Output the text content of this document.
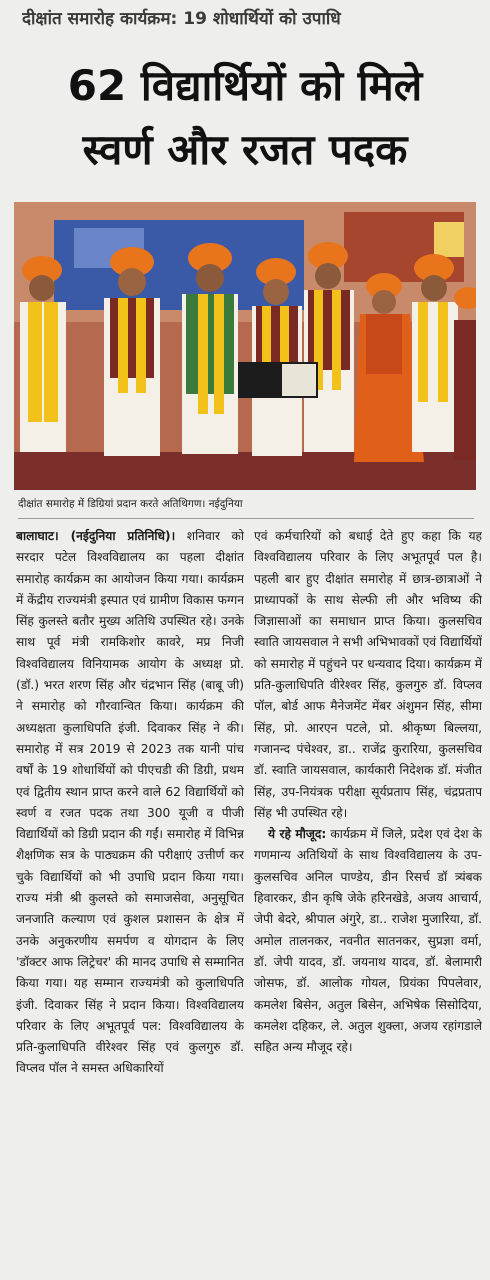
दीक्षांत समारोह कार्यक्रम: 19 शोधार्थियों को उपाधि
62 विद्यार्थियों को मिले
स्वर्ण और रजत पदक
दीक्षांत समारोह में डिग्रियां प्रदान करते अतिथिगण। नईदुनिया

बालाघाट। (नईदुनिया प्रतिनिधि)। शनिवार को सरदार पटेल विश्वविद्यालय का पहला दीक्षांत समारोह कार्यक्रम का आयोजन किया गया। कार्यक्रम में केंद्रीय राज्यमंत्री इस्पात एवं ग्रामीण विकास फग्गन सिंह कुलस्ते बतौर मुख्य अतिथि उपस्थित रहे। उनके साथ पूर्व मंत्री रामकिशोर कावरे, मप्र निजी विश्वविद्यालय विनियामक आयोग के अध्यक्ष प्रो. (डॉ.) भरत शरण सिंह और चंद्रभान सिंह (बाबू जी) ने समारोह को गौरवान्वित किया। कार्यक्रम की अध्यक्षता कुलाधिपति इंजी. दिवाकर सिंह ने की। समारोह में सत्र 2019 से 2023 तक यानी पांच वर्षों के 19 शोधार्थियों को पीएचडी की डिग्री, प्रथम एवं द्वितीय स्थान प्राप्त करने वाले 62 विद्यार्थियों को स्वर्ण व रजत पदक तथा 300 यूजी व पीजी विद्यार्थियों को डिग्री प्रदान की गईं। समारोह में विभिन्न शैक्षणिक सत्र के पाठ्यक्रम की परीक्षाएं उत्तीर्ण कर चुके विद्यार्थियों को भी उपाधि प्रदान किया गया। राज्य मंत्री श्री कुलस्ते को समाजसेवा, अनुसूचित जनजाति कल्याण एवं कुशल प्रशासन के क्षेत्र में उनके अनुकरणीय समर्पण व योगदान के लिए 'डॉक्टर आफ लिट्रेचर' की मानद उपाधि से सम्मानित किया गया। यह सम्मान राज्यमंत्री को कुलाधिपति इंजी. दिवाकर सिंह ने प्रदान किया। विश्वविद्यालय परिवार के लिए अभूतपूर्व पल: विश्वविद्यालय के प्रति-कुलाधिपति वीरेश्वर सिंह एवं कुलगुरु डॉ. विप्लव पॉल ने समस्त अधिकारियों

एवं कर्मचारियों को बधाई देते हुए कहा कि यह विश्वविद्यालय परिवार के लिए अभूतपूर्व पल है। पहली बार हुए दीक्षांत समारोह में छात्र-छात्राओं ने प्राध्यापकों के साथ सेल्फी ली और भविष्य की जिज्ञासाओं का समाधान प्राप्त किया। कुलसचिव स्वाति जायसवाल ने सभी अभिभावकों एवं विद्यार्थियों को समारोह में पहुंचने पर धन्यवाद दिया। कार्यक्रम में प्रति-कुलाधिपति वीरेश्वर सिंह, कुलगुरु डॉ. विप्लव पॉल, बोर्ड आफ मैनेजमेंट मेंबर अंशुमन सिंह, सीमा सिंह, प्रो. आरएन पटले, प्रो. श्रीकृष्ण बिल्लया, गजानन्द पंचेश्वर, डा.. राजेंद्र कुरारिया, कुलसचिव डॉ. स्वाति जायसवाल, कार्यकारी निदेशक डॉ. मंजीत सिंह, उप-नियंत्रक परीक्षा सूर्यप्रताप सिंह, चंद्रप्रताप सिंह भी उपस्थित रहे।

ये रहे मौजूद: कार्यक्रम में जिले, प्रदेश एवं देश के गणमान्य अतिथियों के साथ विश्वविद्यालय के उप-कुलसचिव अनिल पाण्डेय, डीन रिसर्च डॉ त्र्यंबक हिवारकर, डीन कृषि जेके हरिनखेडे, अजय आचार्य, जेपी बेदरे, श्रीपाल अंगुरे, डा.. राजेश मुजारिया, डॉ. अमोल तालनकर, नवनीत सातनकर, सुप्रज्ञा वर्मा, डॉ. जेपी यादव, डॉ. जयनाथ यादव, डॉ. बेलामारी जोसफ, डॉ. आलोक गोयल, प्रियंका पिपलेवार, कमलेश बिसेन, अतुल बिसेन, अभिषेक सिसोदिया, कमलेश दहिकर, ले. अतुल शुक्ला, अजय रहांगडाले सहित अन्य मौजूद रहे।
